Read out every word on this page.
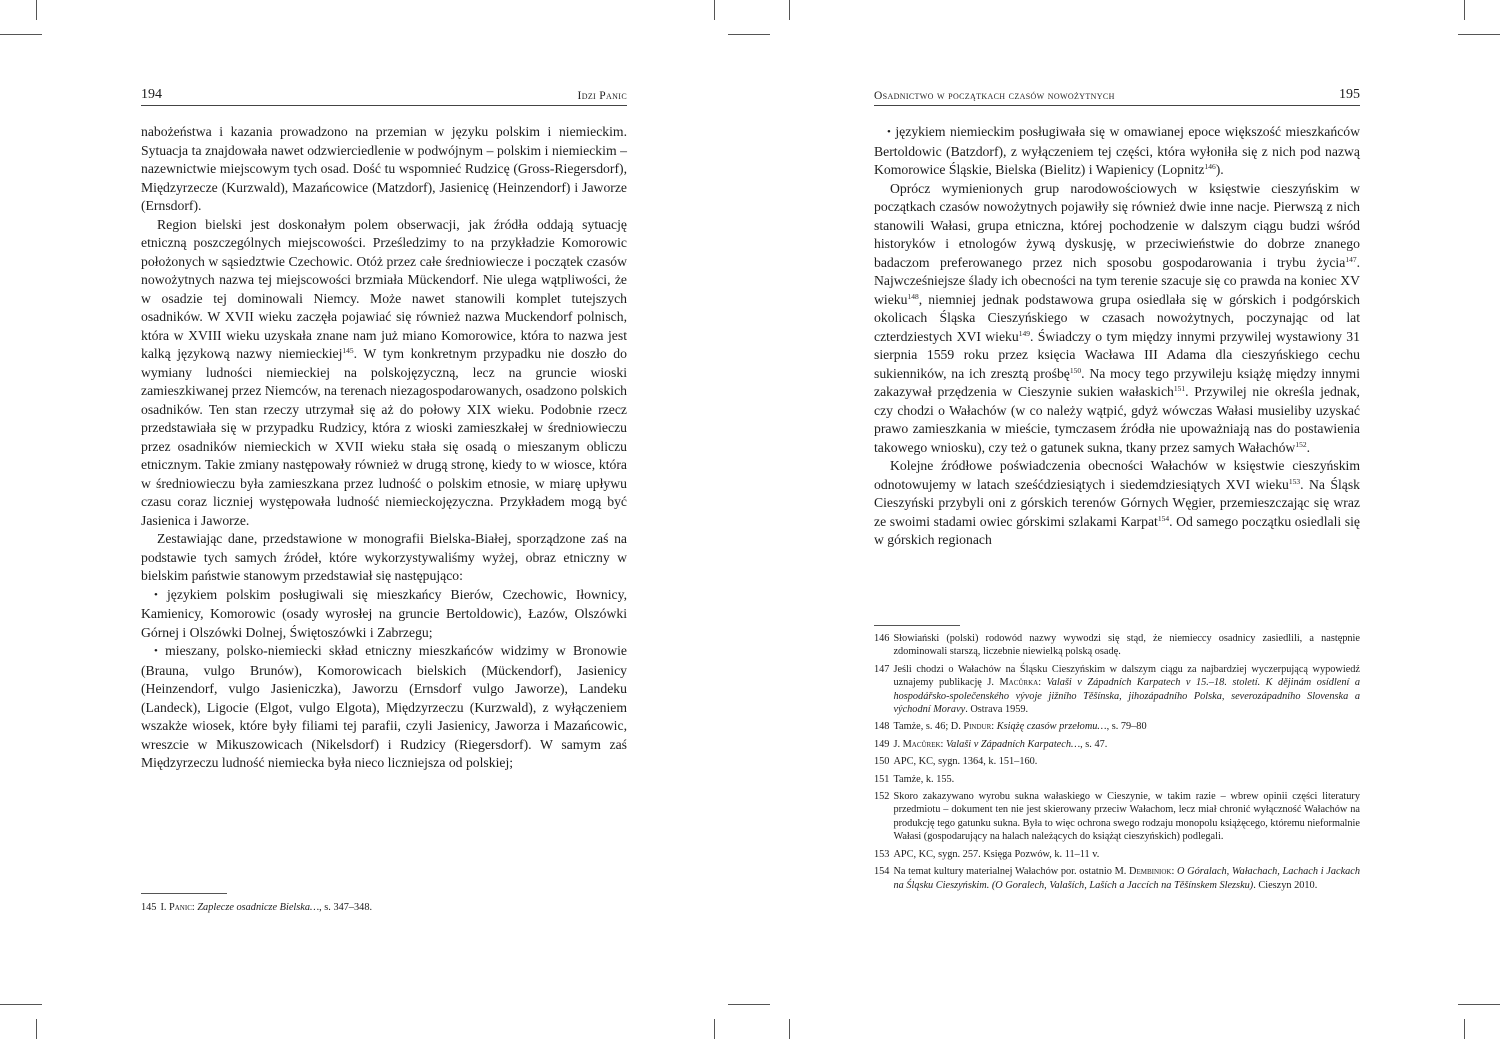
194	Idzi Panic

nabożeństwa i kazania prowadzono na przemian w języku polskim i niemieckim. Sytuacja ta znajdowała nawet odzwierciedlenie w podwójnym – polskim i niemieckim – nazewnictwie miejscowym tych osad. Dość tu wspomnieć Rudzicę (Gross-Riegersdorf), Międzyrzecze (Kurzwald), Mazańcowice (Matzdorf), Jasienicę (Heinzendorf) i Jaworze (Ernsdorf).

Region bielski jest doskonałym polem obserwacji, jak źródła oddają sytuację etniczną poszczególnych miejscowości. Prześledzimy to na przykładzie Komorowic położonych w sąsiedztwie Czechowic. Otóż przez całe średniowiecze i początek czasów nowożytnych nazwa tej miejscowości brzmiała Mückendorf. Nie ulega wątpliwości, że w osadzie tej dominowali Niemcy. Może nawet stanowili komplet tutejszych osadników. W XVII wieku zaczęła pojawiać się również nazwa Muckendorf polnisch, która w XVIII wieku uzyskała znane nam już miano Komorowice, która to nazwa jest kalką językową nazwy niemieckiej$^{145}$. W tym konkretnym przypadku nie doszło do wymiany ludności niemieckiej na polskojęzyczną, lecz na gruncie wioski zamieszkiwanej przez Niemców, na terenach niezagospodarowanych, osadzono polskich osadników. Ten stan rzeczy utrzymał się aż do połowy XIX wieku. Podobnie rzecz przedstawiała się w przypadku Rudzicy, która z wioski zamieszkałej w średniowieczu przez osadników niemieckich w XVII wieku stała się osadą o mieszanym obliczu etnicznym. Takie zmiany następowały również w drugą stronę, kiedy to w wiosce, która w średniowieczu była zamieszkana przez ludność o polskim etnosie, w miarę upływu czasu coraz liczniej występowała ludność niemieckojęzyczna. Przykładem mogą być Jasienica i Jaworze.

Zestawiając dane, przedstawione w monografii Bielska-Białej, sporządzone zaś na podstawie tych samych źródeł, które wykorzystywaliśmy wyżej, obraz etniczny w bielskim państwie stanowym przedstawiał się następująco:

• językiem polskim posługiwali się mieszkańcy Bierów, Czechowic, Iłownicy, Kamienicy, Komorowic (osady wyrosłej na gruncie Bertoldowic), Łazów, Olszówki Górnej i Olszówki Dolnej, Świętoszówki i Zabrzegu;

• mieszany, polsko-niemiecki skład etniczny mieszkańców widzimy w Bronowie (Brauna, vulgo Brunów), Komorowicach bielskich (Mückendorf), Jasienicy (Heinzendorf, vulgo Jasieniczka), Jaworzu (Ernsdorf vulgo Jaworze), Landeku (Landeck), Ligocie (Elgot, vulgo Elgota), Międzyrzeczu (Kurzwald), z wyłączeniem wszakże wiosek, które były filiami tej parafii, czyli Jasienicy, Jaworza i Mazańcowic, wreszcie w Mikuszowicach (Nikelsdorf) i Rudzicy (Riegersdorf). W samym zaś Międzyrzeczu ludność niemiecka była nieco liczniejsza od polskiej;

145 I. Panic: Zaplecze osadnicze Bielska…, s. 347–348.
Osadnictwo w początkach czasów nowożytnych	195

• językiem niemieckim posługiwała się w omawianej epoce większość mieszkańców Bertoldowic (Batzdorf), z wyłączeniem tej części, która wyłoniła się z nich pod nazwą Komorowice Śląskie, Bielska (Bielitz) i Wapienicy (Lopnitz$^{146}$).

Oprócz wymienionych grup narodowościowych w księstwie cieszyńskim w początkach czasów nowożytnych pojawiły się również dwie inne nacje. Pierwszą z nich stanowili Wałasi, grupa etniczna, której pochodzenie w dalszym ciągu budzi wśród historyków i etnologów żywą dyskusję, w przeciwieństwie do dobrze znanego badaczom preferowanego przez nich sposobu gospodarowania i trybu życia$^{147}$. Najwcześniejsze ślady ich obecności na tym terenie szacuje się co prawda na koniec XV wieku$^{148}$, niemniej jednak podstawowa grupa osiedlała się w górskich i podgórskich okolicach Śląska Cieszyńskiego w czasach nowożytnych, poczynając od lat czterdziestych XVI wieku$^{149}$. Świadczy o tym między innymi przywilej wystawiony 31 sierpnia 1559 roku przez księcia Wacława III Adama dla cieszyńskiego cechu sukienników, na ich zresztą prośbę$^{150}$. Na mocy tego przywileju książę między innymi zakazywał przędzenia w Cieszynie sukien wałaskich$^{151}$. Przywilej nie określa jednak, czy chodzi o Wałachów (w co należy wątpić, gdyż wówczas Wałasi musieliby uzyskać prawo zamieszkania w mieście, tymczasem źródła nie upoważniają nas do postawienia takowego wniosku), czy też o gatunek sukna, tkany przez samych Wałachów$^{152}$.

Kolejne źródłowe poświadczenia obecności Wałachów w księstwie cieszyńskim odnotowujemy w latach sześćdziesiątych i siedemdziesiątych XVI wieku$^{153}$. Na Śląsk Cieszyński przybyli oni z górskich terenów Górnych Węgier, przemieszczając się wraz ze swoimi stadami owiec górskimi szlakami Karpat$^{154}$. Od samego początku osiedlali się w górskich regionach

146 Słowiański (polski) rodowód nazwy wywodzi się stąd, że niemieccy osadnicy zasiedlili, a następnie zdominowali starszą, liczebnie niewielką polską osadę.
147 Jeśli chodzi o Wałachów na Śląsku Cieszyńskim w dalszym ciągu za najbardziej wyczerpującą wypowiedź uznajemy publikację J. Macůrka: Valaši v Západních Karpatech v 15.–18. století. K dějinám osídlení a hospodářsko-společenského vývoje jižního Těšínska, jihozápadního Polska, severozápadního Slovenska a východní Moravy. Ostrava 1959.
148 Tamże, s. 46; D. Pindur: Książę czasów przełomu…, s. 79–80
149 J. Macůrek: Valaši v Západních Karpatech…, s. 47.
150 APC, KC, sygn. 1364, k. 151–160.
151 Tamże, k. 155.
152 Skoro zakazywano wyrobu sukna wałaskiego w Cieszynie, w takim razie – wbrew opinii części literatury przedmiotu – dokument ten nie jest skierowany przeciw Wałachom, lecz miał chronić wyłączność Wałachów na produkcję tego gatunku sukna. Była to więc ochrona swego rodzaju monopolu książęcego, któremu nieformalnie Wałasi (gospodarujący na halach należących do książąt cieszyńskich) podlegali.
153 APC, KC, sygn. 257. Księga Pozwów, k. 11–11 v.
154 Na temat kultury materialnej Wałachów por. ostatnio M. Dembiniok: O Góralach, Wałachach, Lachach i Jackach na Śląsku Cieszyńskim. (O Goralech, Valaších, Laších a Jaccích na Těšínskem Slezsku). Cieszyn 2010.
